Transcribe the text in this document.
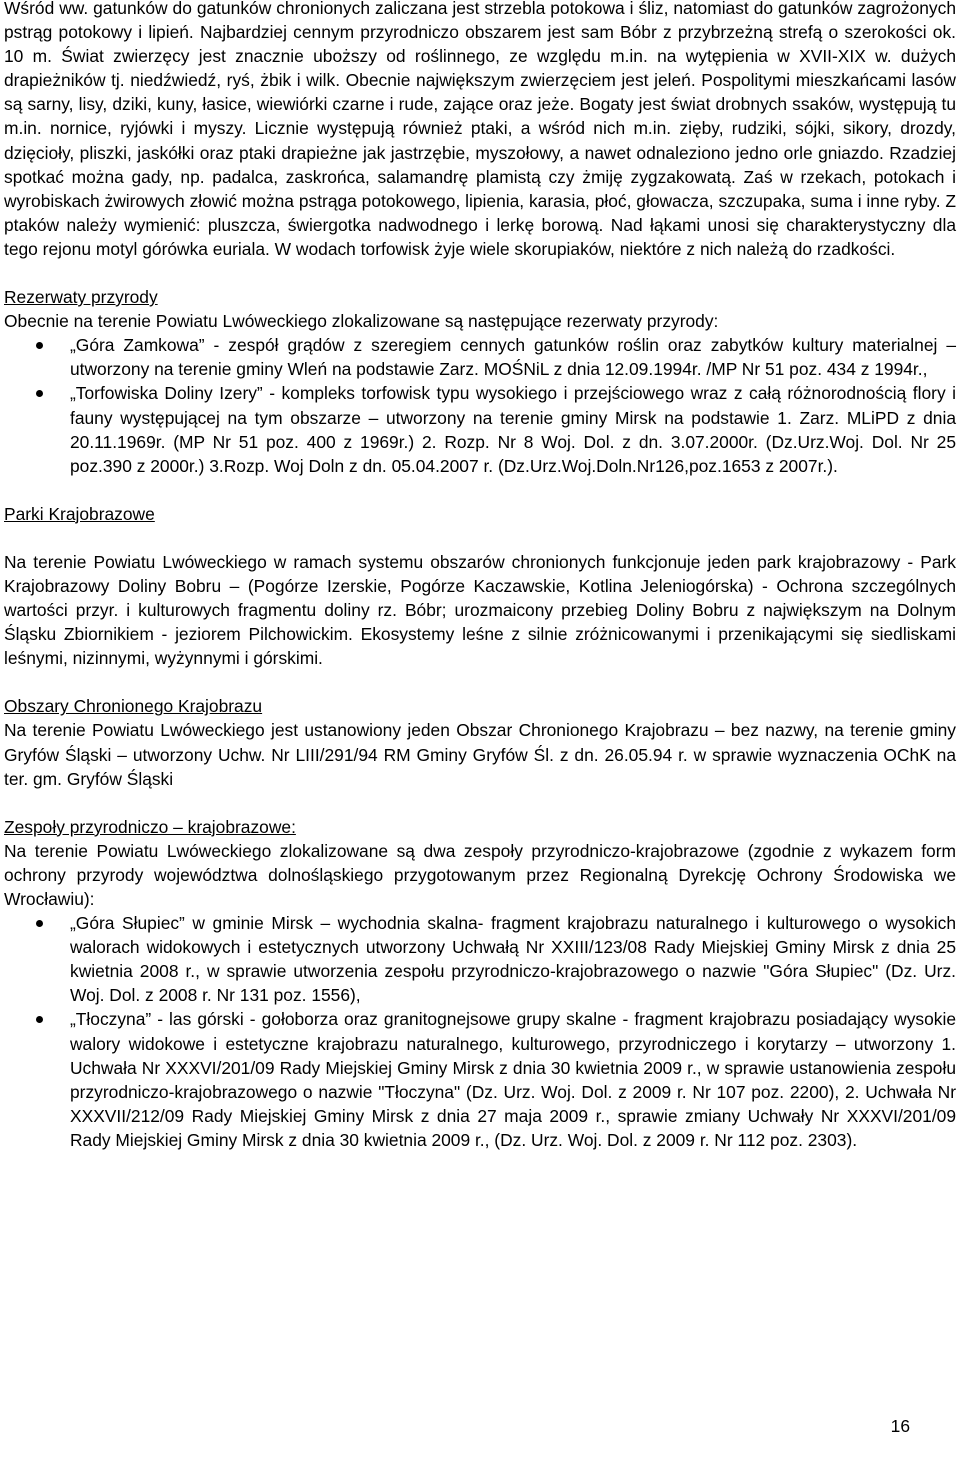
Wśród ww. gatunków do gatunków chronionych zaliczana jest strzebla potokowa i śliz, natomiast do gatunków zagrożonych pstrąg potokowy i lipień. Najbardziej cennym przyrodniczo obszarem jest sam Bóbr z przybrzeżną strefą o szerokości ok. 10 m. Świat zwierzęcy jest znacznie uboższy od roślinnego, ze względu m.in. na wytępienia w XVII-XIX w. dużych drapieżników tj. niedźwiedź, ryś, żbik i wilk. Obecnie największym zwierzęciem jest jeleń. Pospolitymi mieszkańcami lasów są sarny, lisy, dziki, kuny, łasice, wiewiórki czarne i rude, zające oraz jeże. Bogaty jest świat drobnych ssaków, występują tu m.in. nornice, ryjówki i myszy. Licznie występują również ptaki, a wśród nich m.in. zięby, rudziki, sójki, sikory, drozdy, dzięcioły, pliszki, jaskółki oraz ptaki drapieżne jak jastrzębie, myszołowy, a nawet odnaleziono jedno orle gniazdo. Rzadziej spotkać można gady, np. padalca, zaskrońca, salamandrę plamistą czy żmiję zygzakowatą. Zaś w rzekach, potokach i wyrobiskach żwirowych złowić można pstrąga potokowego, lipienia, karasia, płoć, głowacza, szczupaka, suma i inne ryby. Z ptaków należy wymienić: pluszcza, świergotka nadwodnego i lerkę borową. Nad łąkami unosi się charakterystyczny dla tego rejonu motyl górówka euriala. W wodach torfowisk żyje wiele skorupiaków, niektóre z nich należą do rzadkości.

Rezerwaty przyrody

Obecnie na terenie Powiatu Lwóweckiego zlokalizowane są następujące rezerwaty przyrody:

„Góra Zamkowa” - zespół grądów z szeregiem cennych gatunków roślin oraz zabytków kultury materialnej – utworzony na terenie gminy Wleń na podstawie Zarz. MOŚNiL z dnia 12.09.1994r. /MP Nr 51 poz. 434 z 1994r.,
„Torfowiska Doliny Izery” - kompleks torfowisk typu wysokiego i przejściowego wraz z całą różnorodnością flory i fauny występującej na tym obszarze – utworzony na terenie gminy Mirsk na podstawie 1. Zarz. MLiPD z dnia 20.11.1969r. (MP Nr 51 poz. 400 z 1969r.) 2. Rozp. Nr 8 Woj. Dol. z dn. 3.07.2000r. (Dz.Urz.Woj. Dol. Nr 25 poz.390 z 2000r.) 3.Rozp. Woj Doln z dn. 05.04.2007 r. (Dz.Urz.Woj.Doln.Nr126,poz.1653 z 2007r.).
Parki Krajobrazowe

Na terenie Powiatu Lwóweckiego w ramach systemu obszarów chronionych funkcjonuje jeden park krajobrazowy - Park Krajobrazowy Doliny Bobru – (Pogórze Izerskie, Pogórze Kaczawskie, Kotlina Jeleniogórska) - Ochrona szczególnych wartości przyr. i kulturowych fragmentu doliny rz. Bóbr; urozmaicony przebieg Doliny Bobru z największym na Dolnym Śląsku Zbiornikiem - jeziorem Pilchowickim. Ekosystemy leśne z silnie zróżnicowanymi i przenikającymi się siedliskami leśnymi, nizinnymi, wyżynnymi i górskimi.

Obszary Chronionego Krajobrazu

Na terenie Powiatu Lwóweckiego jest ustanowiony jeden Obszar Chronionego Krajobrazu – bez nazwy, na terenie gminy Gryfów Śląski – utworzony Uchw. Nr LIII/291/94 RM Gminy Gryfów Śl. z dn. 26.05.94 r. w sprawie wyznaczenia OChK na ter. gm. Gryfów Śląski

Zespoły przyrodniczo – krajobrazowe:

Na terenie Powiatu Lwóweckiego zlokalizowane są dwa zespoły przyrodniczo-krajobrazowe (zgodnie z wykazem form ochrony przyrody województwa dolnośląskiego przygotowanym przez Regionalną Dyrekcję Ochrony Środowiska we Wrocławiu):

„Góra Słupiec” w gminie Mirsk – wychodnia skalna- fragment krajobrazu naturalnego i kulturowego o wysokich walorach widokowych i estetycznych utworzony Uchwałą Nr XXIII/123/08 Rady Miejskiej Gminy Mirsk z dnia 25 kwietnia 2008 r., w sprawie utworzenia zespołu przyrodniczo-krajobrazowego o nazwie "Góra Słupiec" (Dz. Urz. Woj. Dol. z 2008 r. Nr 131 poz. 1556),
„Tłoczyna” - las górski - gołoborza oraz granitognejsowe grupy skalne - fragment krajobrazu posiadający wysokie walory widokowe i estetyczne krajobrazu naturalnego, kulturowego, przyrodniczego i korytarzy – utworzony 1. Uchwała Nr XXXVI/201/09 Rady Miejskiej Gminy Mirsk z dnia 30 kwietnia 2009 r., w sprawie ustanowienia zespołu przyrodniczo-krajobrazowego o nazwie "Tłoczyna" (Dz. Urz. Woj. Dol. z 2009 r. Nr 107 poz. 2200), 2. Uchwała Nr XXXVII/212/09 Rady Miejskiej Gminy Mirsk z dnia 27 maja 2009 r., sprawie zmiany Uchwały Nr XXXVI/201/09 Rady Miejskiej Gminy Mirsk z dnia 30 kwietnia 2009 r., (Dz. Urz. Woj. Dol. z 2009 r. Nr 112 poz. 2303).
16
